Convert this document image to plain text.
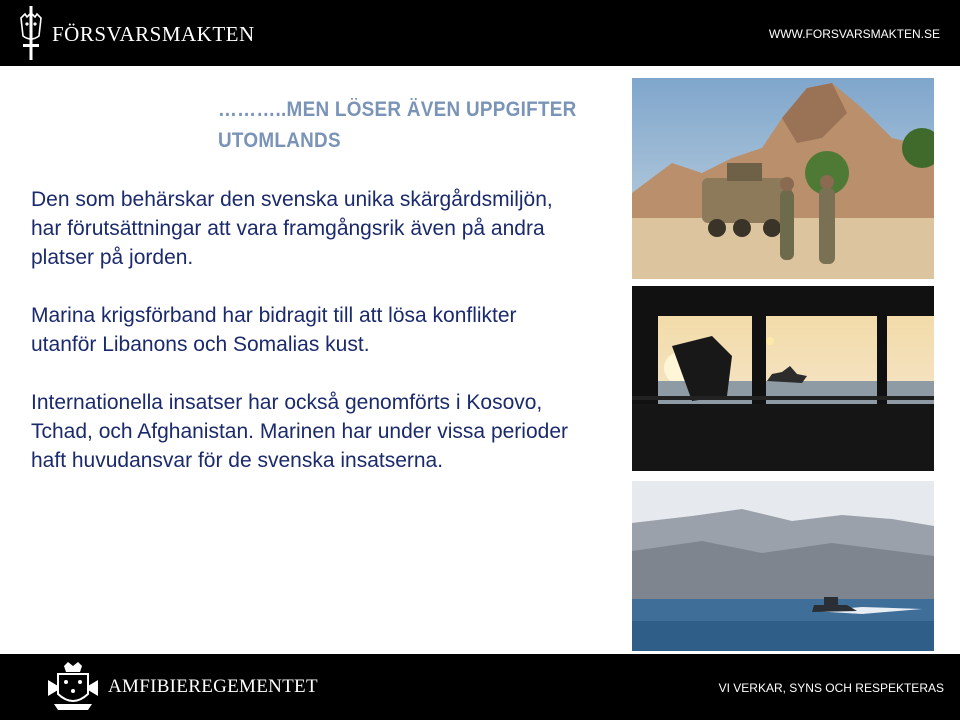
FÖRSVARSMAKTEN	WWW.FORSVARSMAKTEN.SE
………..MEN LÖSER ÄVEN UPPGIFTER
UTOMLANDS

Den som behärskar den svenska unika skärgårdsmiljön, har förutsättningar att vara framgångsrik även på andra platser på jorden.

Marina krigsförband har bidragit till att lösa konflikter utanför Libanons och Somalias kust.

Internationella insatser har också genomförts i Kosovo, Tchad, och Afghanistan. Marinen har under vissa perioder haft huvudansvar för de svenska insatserna.

AMFIBIEREGEMENTET	VI VERKAR, SYNS OCH RESPEKTERAS
